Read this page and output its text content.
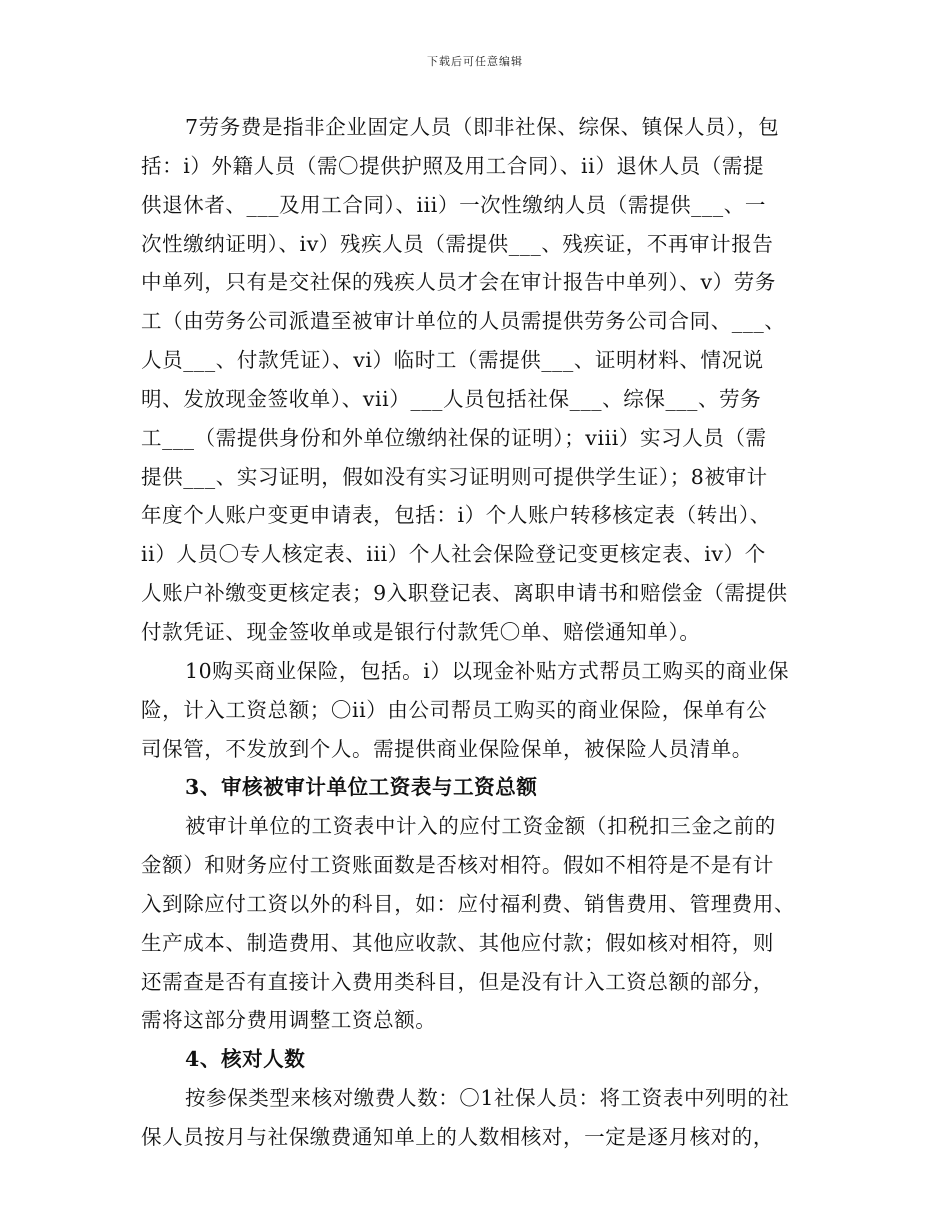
下载后可任意编辑
7劳务费是指非企业固定人员（即非社保、综保、镇保人员），包
括：i）外籍人员（需〇提供护照及用工合同）、ii）退休人员（需提
供退休者、___及用工合同）、iii）一次性缴纳人员（需提供___、一
次性缴纳证明）、iv）残疾人员（需提供___、残疾证，不再审计报告
中单列，只有是交社保的残疾人员才会在审计报告中单列）、v）劳务
工（由劳务公司派遣至被审计单位的人员需提供劳务公司合同、___、
人员___、付款凭证）、vi）临时工（需提供___、证明材料、情况说
明、发放现金签收单）、vii）___人员包括社保___、综保___、劳务
工___（需提供身份和外单位缴纳社保的证明）；viii）实习人员（需
提供___、实习证明，假如没有实习证明则可提供学生证）；8被审计
年度个人账户变更申请表，包括：i）个人账户转移核定表（转出）、
ii）人员〇专人核定表、iii）个人社会保险登记变更核定表、iv）个
人账户补缴变更核定表；9入职登记表、离职申请书和赔偿金（需提供
付款凭证、现金签收单或是银行付款凭〇单、赔偿通知单）。
10购买商业保险，包括。i）以现金补贴方式帮员工购买的商业保
险，计入工资总额；〇ii）由公司帮员工购买的商业保险，保单有公
司保管，不发放到个人。需提供商业保险保单，被保险人员清单。
3、审核被审计单位工资表与工资总额
被审计单位的工资表中计入的应付工资金额（扣税扣三金之前的
金额）和财务应付工资账面数是否核对相符。假如不相符是不是有计
入到除应付工资以外的科目，如：应付福利费、销售费用、管理费用、
生产成本、制造费用、其他应收款、其他应付款；假如核对相符，则
还需查是否有直接计入费用类科目，但是没有计入工资总额的部分，
需将这部分费用调整工资总额。
4、核对人数
按参保类型来核对缴费人数：〇1社保人员：将工资表中列明的社
保人员按月与社保缴费通知单上的人数相核对，一定是逐月核对的，
